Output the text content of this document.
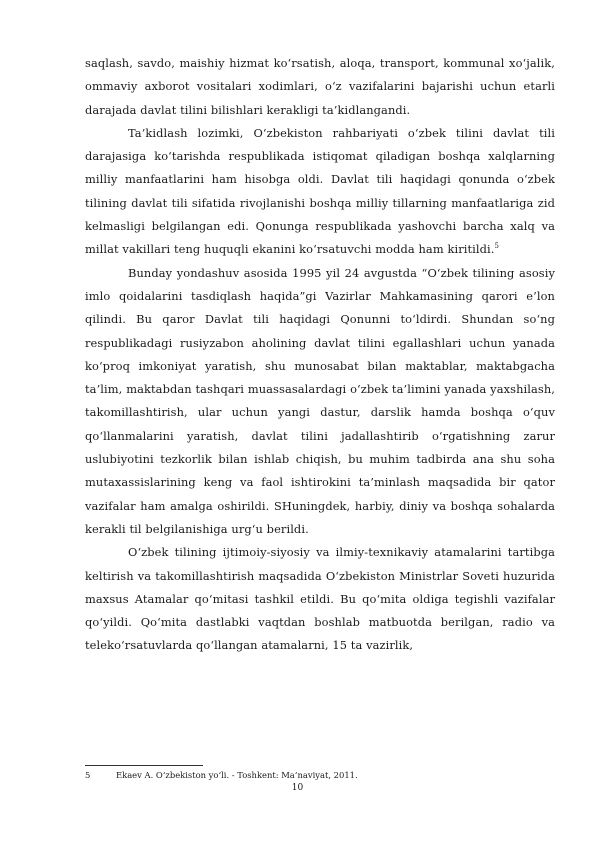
saqlash, savdo, maishiy hizmat ko‘rsatish, aloqa, transport, kommunal xo‘jalik, ommaviy axborot vositalari xodimlari, o‘z vazifalarini bajarishi uchun etarli darajada davlat tilini bilishlari kerakligi ta’kidlangandi.

Ta’kidlash lozimki, O‘zbekiston rahbariyati o‘zbek tilini davlat tili darajasiga ko‘tarishda respublikada istiqomat qiladigan boshqa xalqlarning milliy manfaatlarini ham hisobga oldi. Davlat tili haqidagi qonunda o‘zbek tilining davlat tili sifatida rivojlanishi boshqa milliy tillarning manfaatlariga zid kelmasligi belgilangan edi. Qonunga respublikada yashovchi barcha xalq va millat vakillari teng huquqli ekanini ko‘rsatuvchi modda ham kiritildi.$^5$

Bunday yondashuv asosida 1995 yil 24 avgustda “O‘zbek tilining asosiy imlo qoidalarini tasdiqlash haqida”gi Vazirlar Mahkamasining qarori e’lon qilindi. Bu qaror Davlat tili haqidagi Qonunni to‘ldirdi. Shundan so‘ng respublikadagi rusiyzabon aholining davlat tilini egallashlari uchun yanada ko‘proq imkoniyat yaratish, shu munosabat bilan maktablar, maktabgacha ta’lim, maktabdan tashqari muassasalardagi o‘zbek ta’limini yanada yaxshilash, takomillashtirish, ular uchun yangi dastur, darslik hamda boshqa o‘quv qo‘llanmalarini yaratish, davlat tilini jadallashtirib o‘rgatishning zarur uslubiyotini tezkorlik bilan ishlab chiqish, bu muhim tadbirda ana shu soha mutaxassislarining keng va faol ishtirokini ta’minlash maqsadida bir qator vazifalar ham amalga oshirildi. SHuningdek, harbiy, diniy va boshqa sohalarda kerakli til belgilanishiga urg‘u berildi.

O‘zbek tilining ijtimoiy-siyosiy va ilmiy-texnikaviy atamalarini tartibga keltirish va takomillashtirish maqsadida O‘zbekiston Ministrlar Soveti huzurida maxsus Atamalar qo‘mitasi tashkil etildi. Bu qo‘mita oldiga tegishli vazifalar qo‘yildi. Qo‘mita dastlabki vaqtdan boshlab matbuotda berilgan, radio va teleko‘rsatuvlarda qo‘llangan atamalarni, 15 ta vazirlik,

5	Ekaev A. O‘zbekiston yo‘li. - Toshkent: Ma’naviyat, 2011.
10
